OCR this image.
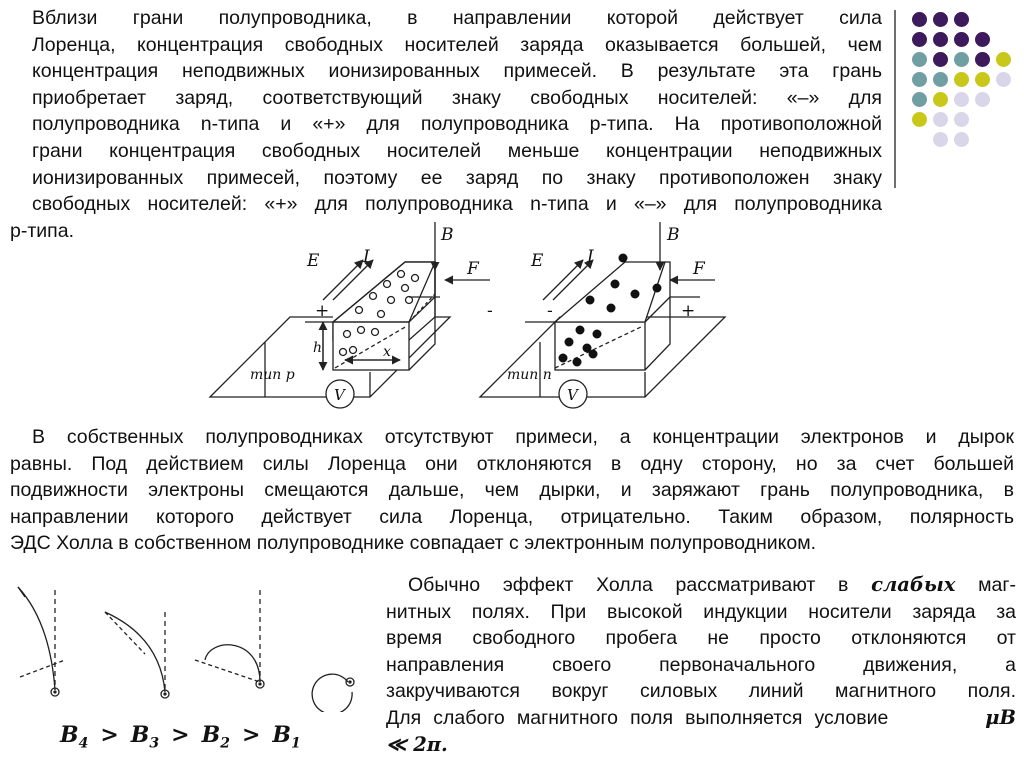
Вблизи грани полупроводника, в направлении которой действует сила
Лоренца, концентрация свободных носителей заряда оказывается большей, чем
концентрация неподвижных ионизированных примесей. В результате эта грань
приобретает заряд, соответствующий знаку свободных носителей: «–» для
полупроводника n-типа и «+» для полупроводника p-типа. На противоположной
грани концентрация свободных носителей меньше концентрации неподвижных
ионизированных примесей, поэтому ее заряд по знаку противоположен знаку
свободных носителей: «+» для полупроводника n-типа и «–» для полупроводника
p-типа.
E	I
B
F
h	x
+	-
тип p
V
E	I
B
F
+
-
тип n
V
В собственных полупроводниках отсутствуют примеси, а концентрации электронов и дырок
равны. Под действием силы Лоренца они отклоняются в одну сторону, но за счет большей
подвижности электроны смещаются дальше, чем дырки, и заряжают грань полупроводника, в
направлении которого действует сила Лоренца, отрицательно. Таким образом, полярность
ЭДС Холла в собственном полупроводнике совпадает с электронным полупроводником.
$B_4 > B_3 > B_2 > B_1$
Обычно эффект Холла рассматривают в слабых маг-
нитных полях. При высокой индукции носители заряда за
время свободного пробега не просто отклоняются от
направления своего первоначального движения, а
закручиваются вокруг силовых линий магнитного поля.
Для слабого магнитного поля выполняется условие	μB
≪ 2π.
